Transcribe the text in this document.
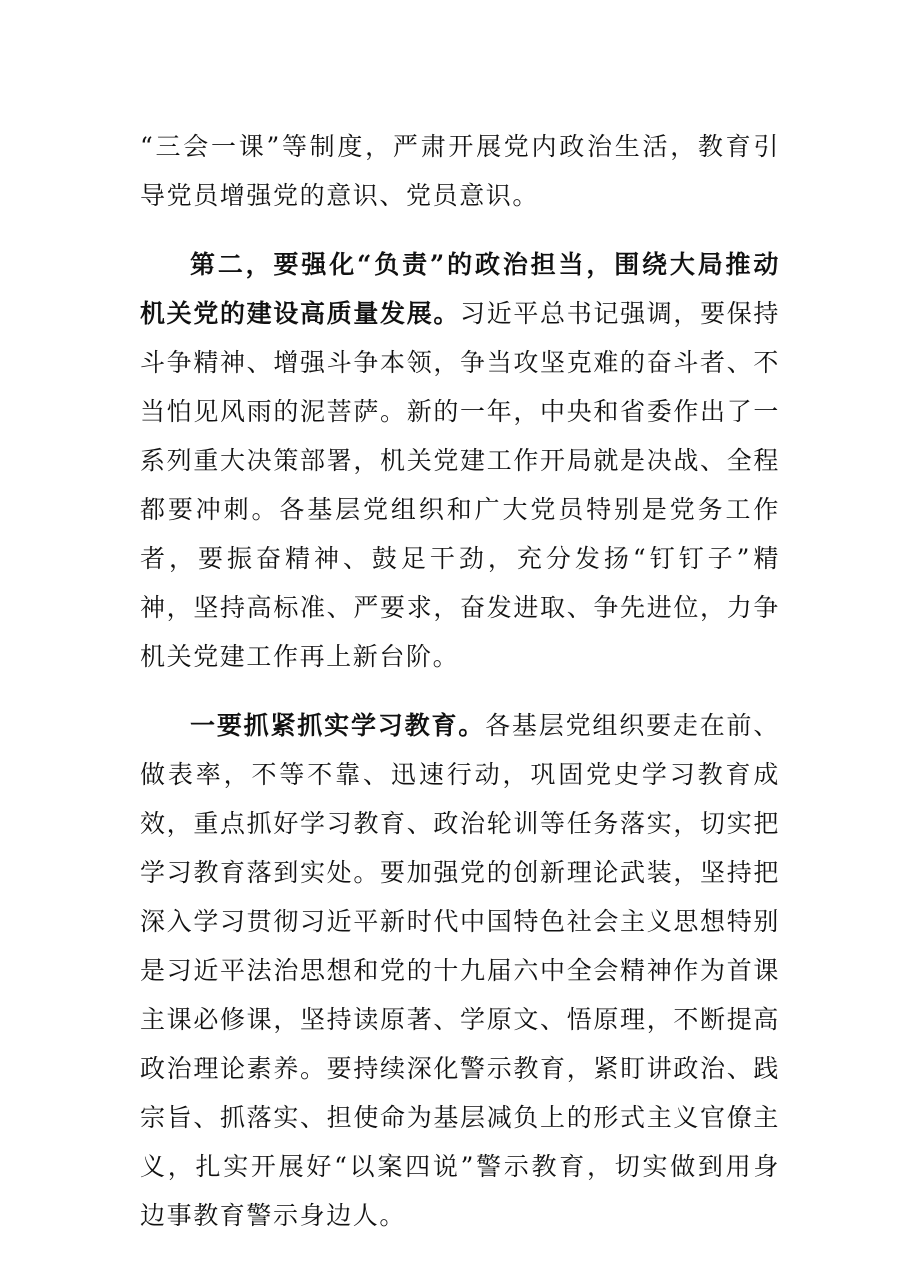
“三会一课”等制度，严肃开展党内政治生活，教育引导党员增强党的意识、党员意识。

第二，要强化“负责”的政治担当，围绕大局推动机关党的建设高质量发展。习近平总书记强调，要保持斗争精神、增强斗争本领，争当攻坚克难的奋斗者、不当怕见风雨的泥菩萨。新的一年，中央和省委作出了一系列重大决策部署，机关党建工作开局就是决战、全程都要冲刺。各基层党组织和广大党员特别是党务工作者，要振奋精神、鼓足干劲，充分发扬“钉钉子”精神，坚持高标准、严要求，奋发进取、争先进位，力争机关党建工作再上新台阶。

一要抓紧抓实学习教育。各基层党组织要走在前、做表率，不等不靠、迅速行动，巩固党史学习教育成效，重点抓好学习教育、政治轮训等任务落实，切实把学习教育落到实处。要加强党的创新理论武装，坚持把深入学习贯彻习近平新时代中国特色社会主义思想特别是习近平法治思想和党的十九届六中全会精神作为首课主课必修课，坚持读原著、学原文、悟原理，不断提高政治理论素养。要持续深化警示教育，紧盯讲政治、践宗旨、抓落实、担使命为基层减负上的形式主义官僚主义，扎实开展好“以案四说”警示教育，切实做到用身边事教育警示身边人。
